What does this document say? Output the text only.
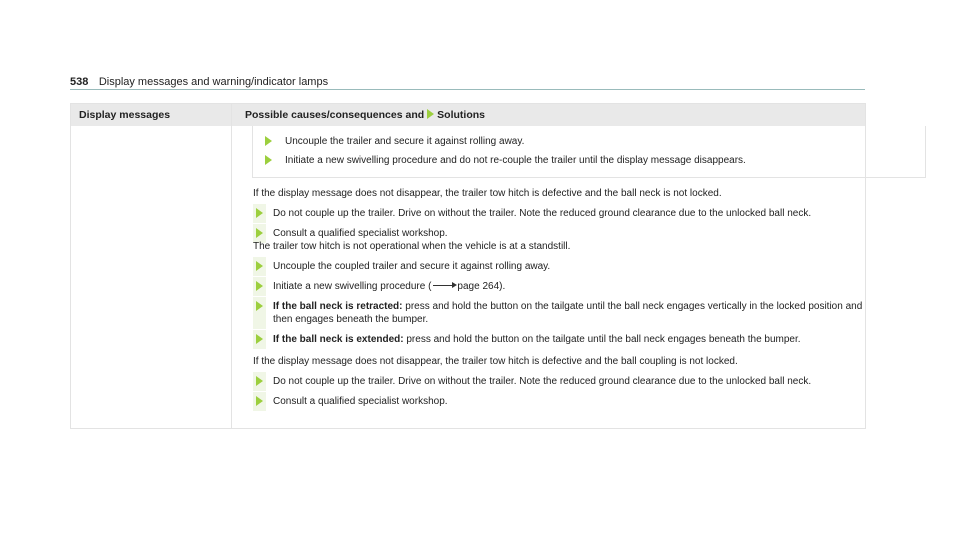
538 Display messages and warning/indicator lamps
Display messages	Possible causes/consequences and Solutions
Uncouple the trailer and secure it against rolling away.
Initiate a new swivelling procedure and do not re-couple the trailer until the display message disappears.

If the display message does not disappear, the trailer tow hitch is defective and the ball neck is not locked.

Do not couple up the trailer. Drive on without the trailer. Note the reduced ground clearance due to the unlocked ball neck.
Consult a qualified specialist workshop.
The trailer tow hitch is not operational when the vehicle is at a standstill.
Uncouple the coupled trailer and secure it against rolling away.
Initiate a new swivelling procedure (	page 264).
If the ball neck is retracted: press and hold the button on the tailgate until the ball neck engages vertically in the locked position and then engages beneath the bumper.
If the ball neck is extended: press and hold the button on the tailgate until the ball neck engages beneath the bumper.

If the display message does not disappear, the trailer tow hitch is defective and the ball coupling is not locked.

Do not couple up the trailer. Drive on without the trailer. Note the reduced ground clearance due to the unlocked ball neck.
Consult a qualified specialist workshop.
